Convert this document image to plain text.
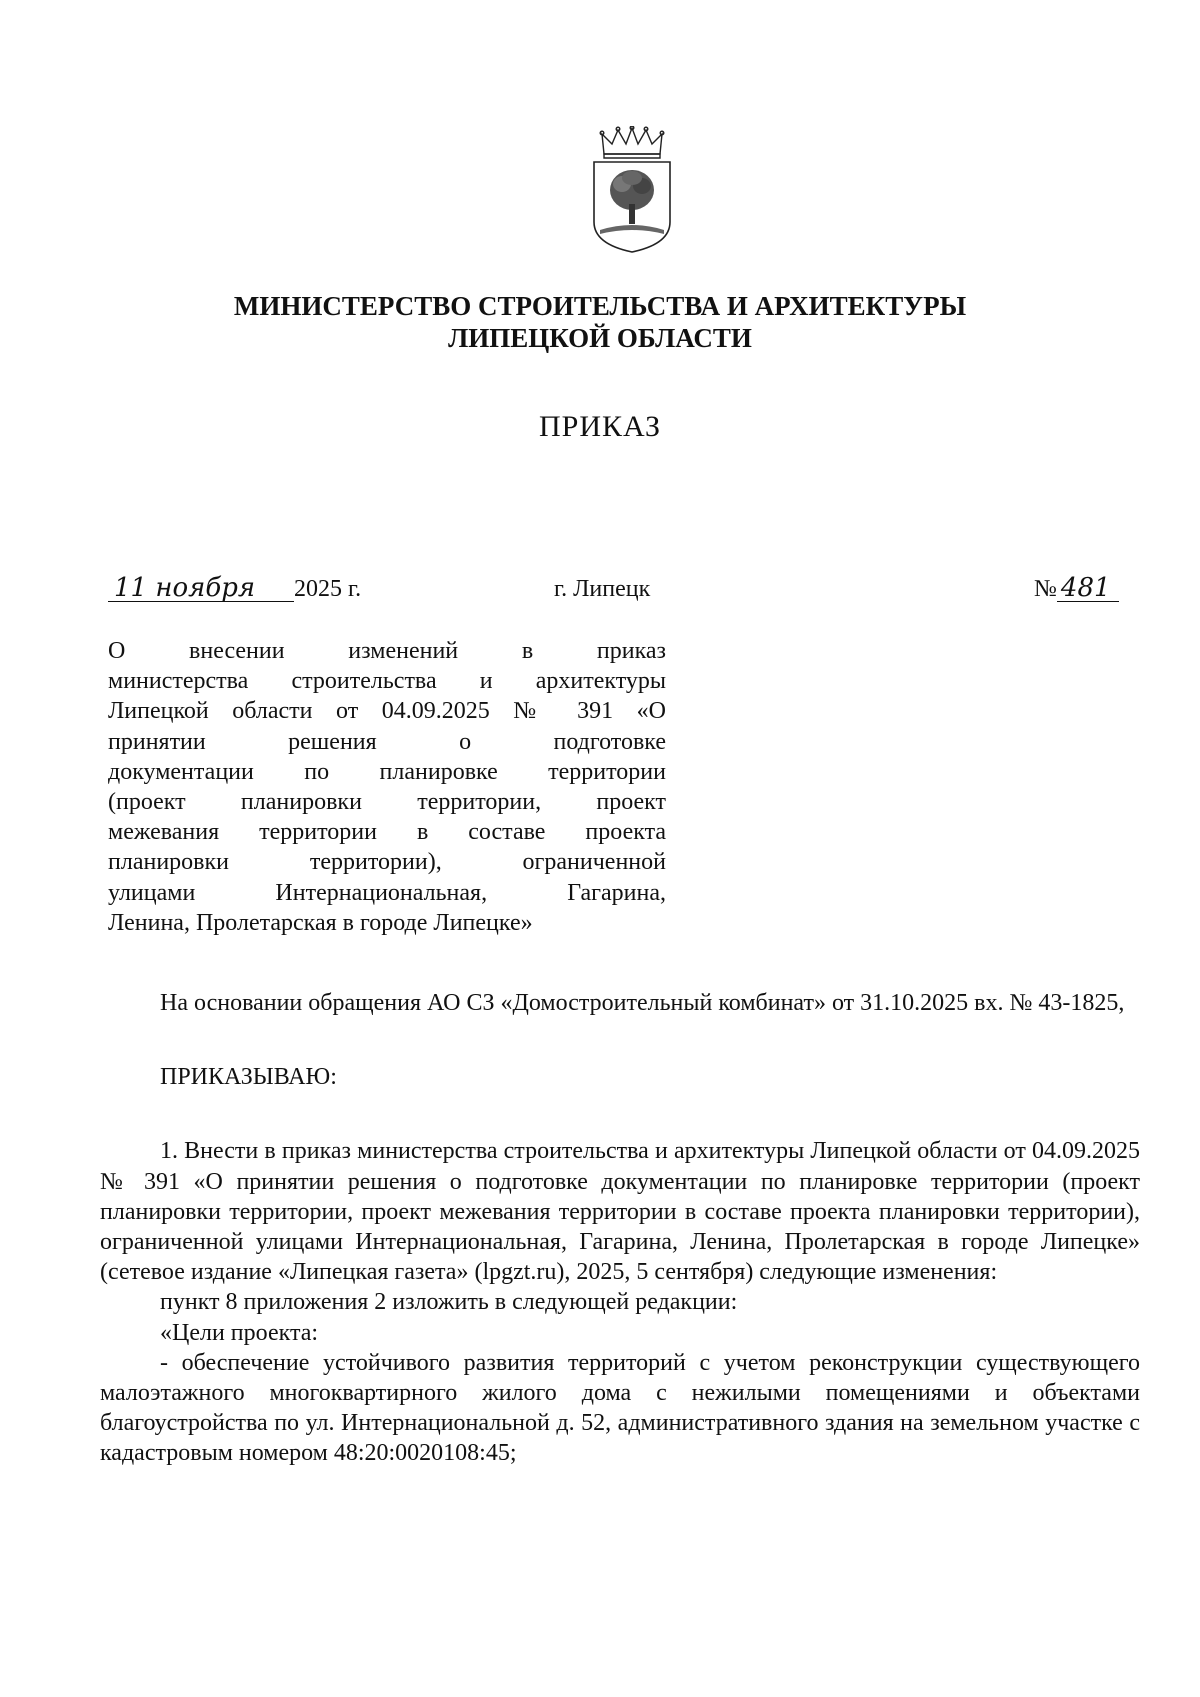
МИНИСТЕРСТВО СТРОИТЕЛЬСТВА И АРХИТЕКТУРЫ
ЛИПЕЦКОЙ ОБЛАСТИ
ПРИКАЗ
11 ноября 2025 г.	г. Липецк	№ 481
О внесении изменений в приказ
министерства строительства и архитектуры
Липецкой области от 04.09.2025 № 391 «О
принятии решения о подготовке
документации по планировке территории
(проект планировки территории, проект
межевания территории в составе проекта
планировки территории), ограниченной
улицами Интернациональная, Гагарина,
Ленина, Пролетарская в городе Липецке»

На основании обращения АО СЗ «Домостроительный комбинат» от 31.10.2025 вх. № 43-1825,

ПРИКАЗЫВАЮ:

1. Внести в приказ министерства строительства и архитектуры Липецкой области от 04.09.2025 № 391 «О принятии решения о подготовке документации по планировке территории (проект планировки территории, проект межевания территории в составе проекта планировки территории), ограниченной улицами Интернациональная, Гагарина, Ленина, Пролетарская в городе Липецке» (сетевое издание «Липецкая газета» (lpgzt.ru), 2025, 5 сентября) следующие изменения:

пункт 8 приложения 2 изложить в следующей редакции:

«Цели проекта:

- обеспечение устойчивого развития территорий с учетом реконструкции существующего малоэтажного многоквартирного жилого дома с нежилыми помещениями и объектами благоустройства по ул. Интернациональной д. 52, административного здания на земельном участке с кадастровым номером 48:20:0020108:45;
